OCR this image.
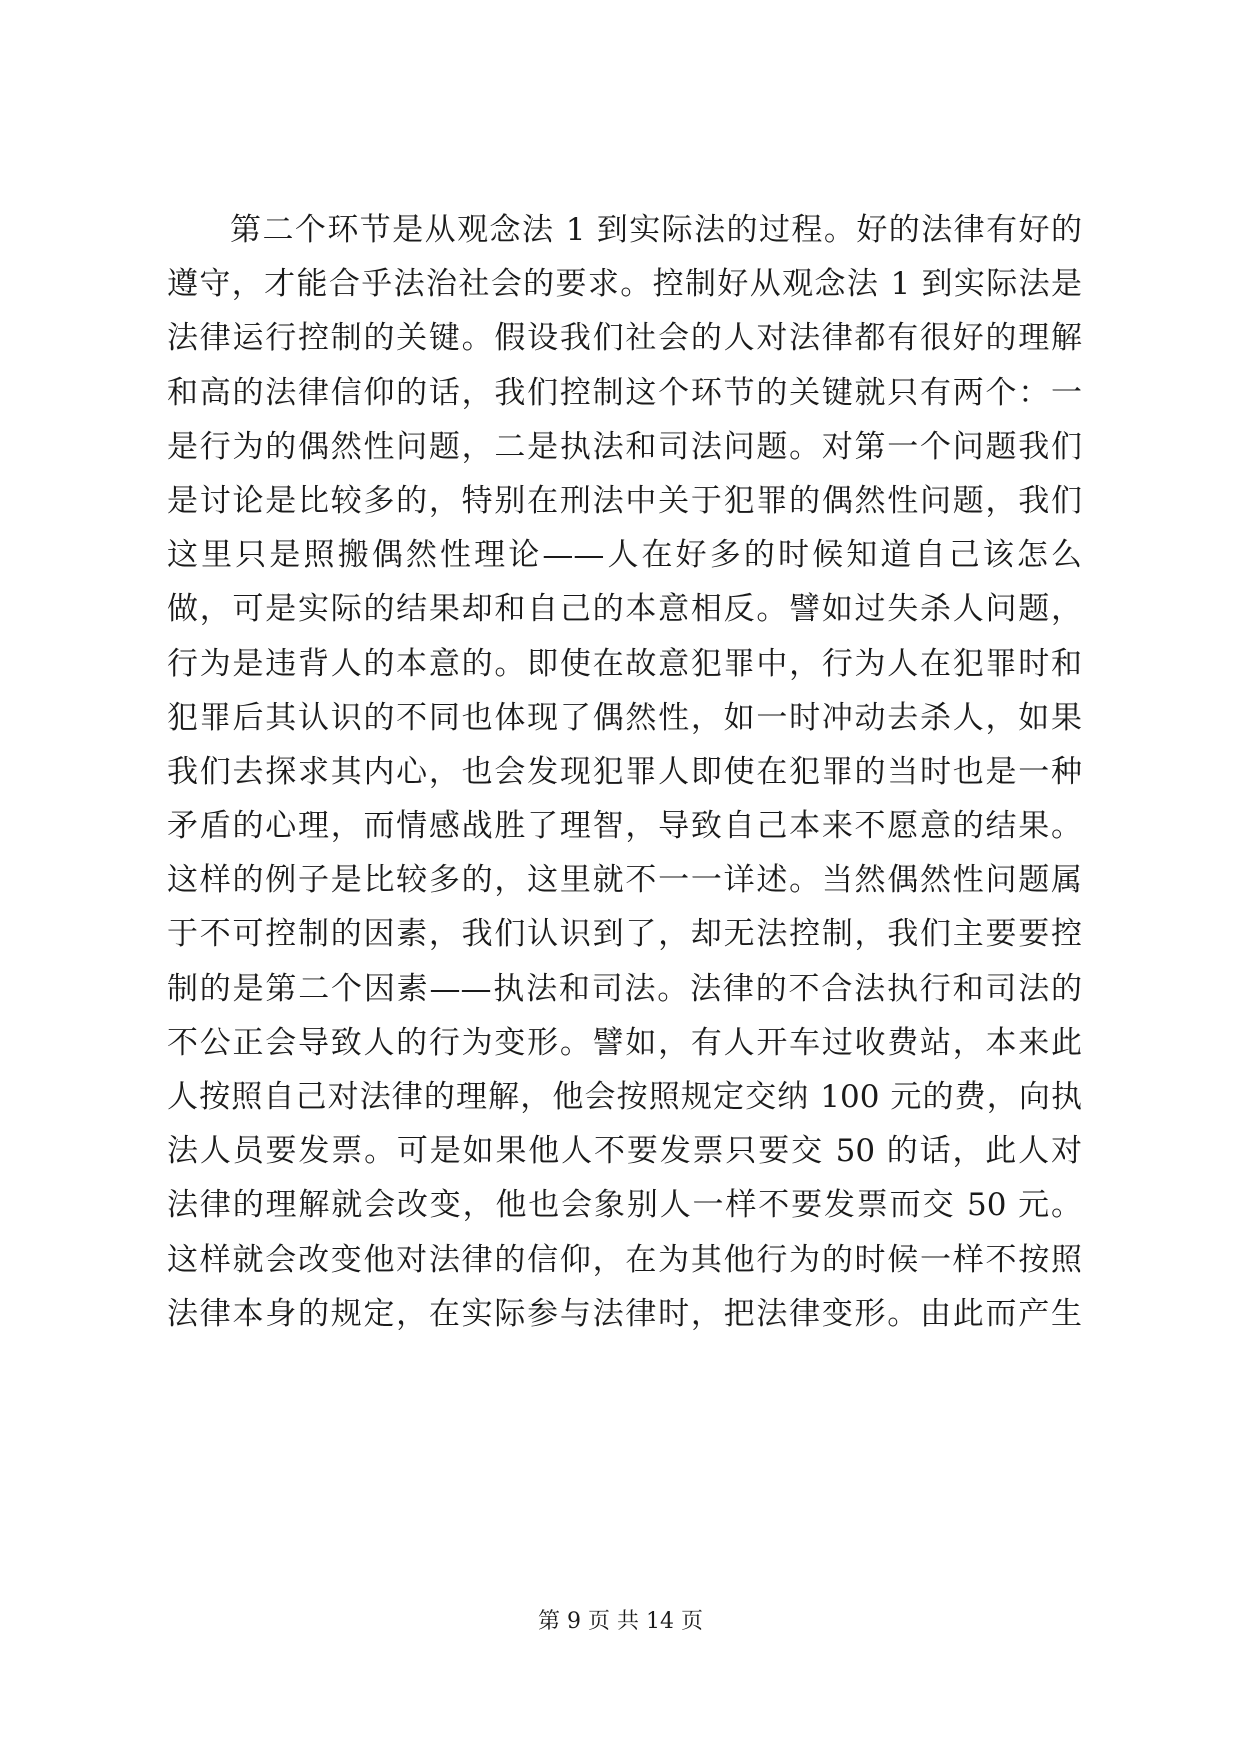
第二个环节是从观念法 1 到实际法的过程。好的法律有好的
遵守，才能合乎法治社会的要求。控制好从观念法 1 到实际法是
法律运行控制的关键。假设我们社会的人对法律都有很好的理解
和高的法律信仰的话，我们控制这个环节的关键就只有两个：一
是行为的偶然性问题，二是执法和司法问题。对第一个问题我们
是讨论是比较多的，特别在刑法中关于犯罪的偶然性问题，我们
这里只是照搬偶然性理论——人在好多的时候知道自己该怎么
做，可是实际的结果却和自己的本意相反。譬如过失杀人问题，
行为是违背人的本意的。即使在故意犯罪中，行为人在犯罪时和
犯罪后其认识的不同也体现了偶然性，如一时冲动去杀人，如果
我们去探求其内心，也会发现犯罪人即使在犯罪的当时也是一种
矛盾的心理，而情感战胜了理智，导致自己本来不愿意的结果。
这样的例子是比较多的，这里就不一一详述。当然偶然性问题属
于不可控制的因素，我们认识到了，却无法控制，我们主要要控
制的是第二个因素——执法和司法。法律的不合法执行和司法的
不公正会导致人的行为变形。譬如，有人开车过收费站，本来此
人按照自己对法律的理解，他会按照规定交纳 100 元的费，向执
法人员要发票。可是如果他人不要发票只要交 50 的话，此人对
法律的理解就会改变，他也会象别人一样不要发票而交 50 元。
这样就会改变他对法律的信仰，在为其他行为的时候一样不按照
法律本身的规定，在实际参与法律时，把法律变形。由此而产生
第 9 页 共 14 页
